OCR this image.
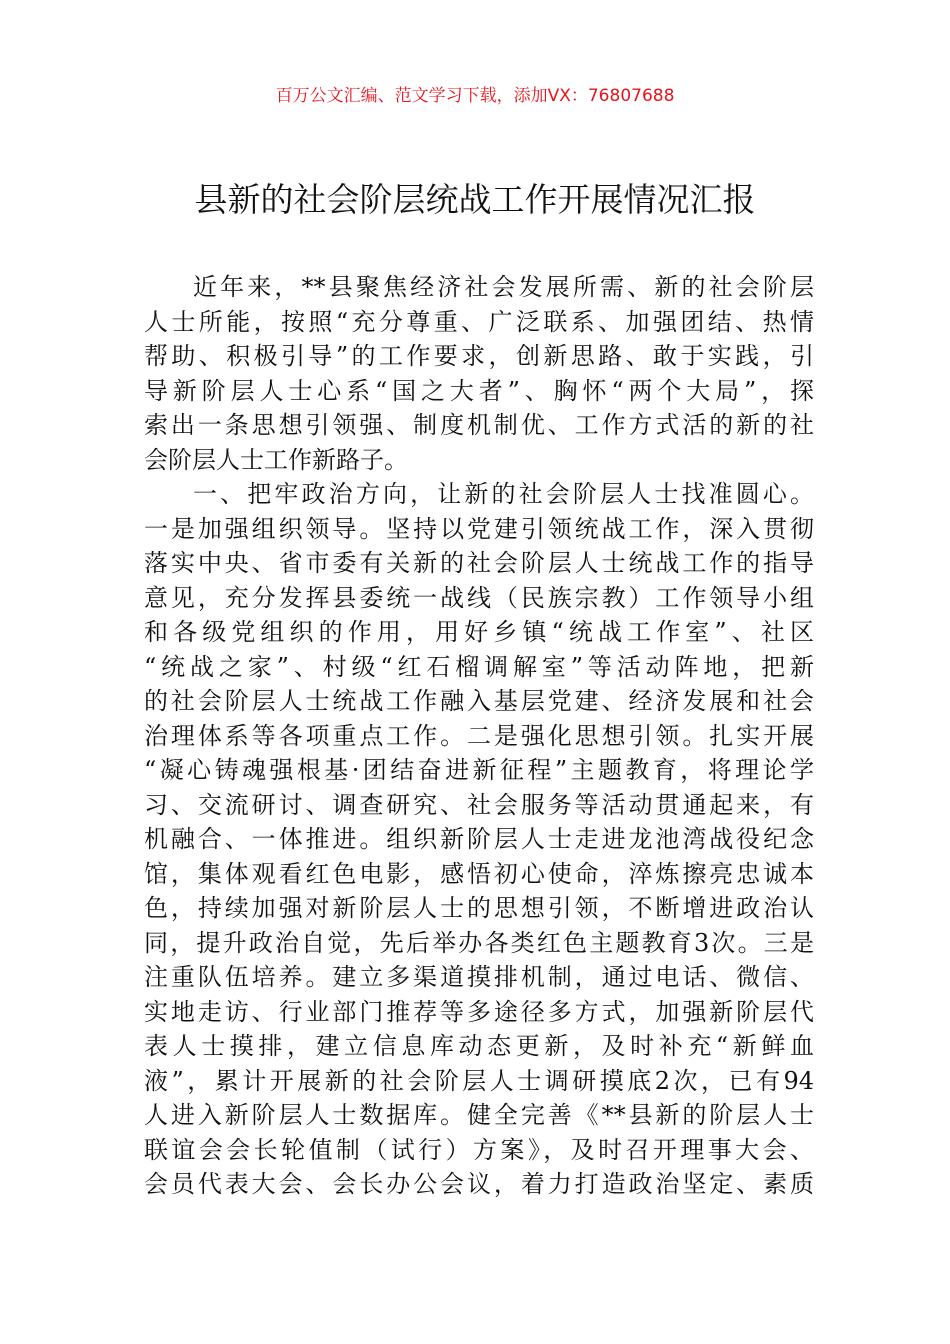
百万公文汇编、范文学习下载，添加VX：76807688
县新的社会阶层统战工作开展情况汇报
近年来，**县聚焦经济社会发展所需、新的社会阶层
人士所能，按照“充分尊重、广泛联系、加强团结、热情
帮助、积极引导”的工作要求，创新思路、敢于实践，引
导新阶层人士心系“国之大者”、胸怀“两个大局”，探
索出一条思想引领强、制度机制优、工作方式活的新的社
会阶层人士工作新路子。
一、把牢政治方向，让新的社会阶层人士找准圆心。
一是加强组织领导。坚持以党建引领统战工作，深入贯彻
落实中央、省市委有关新的社会阶层人士统战工作的指导
意见，充分发挥县委统一战线（民族宗教）工作领导小组
和各级党组织的作用，用好乡镇“统战工作室”、社区
“统战之家”、村级“红石榴调解室”等活动阵地，把新
的社会阶层人士统战工作融入基层党建、经济发展和社会
治理体系等各项重点工作。二是强化思想引领。扎实开展
“凝心铸魂强根基·团结奋进新征程”主题教育，将理论学
习、交流研讨、调查研究、社会服务等活动贯通起来，有
机融合、一体推进。组织新阶层人士走进龙池湾战役纪念
馆，集体观看红色电影，感悟初心使命，淬炼擦亮忠诚本
色，持续加强对新阶层人士的思想引领，不断增进政治认
同，提升政治自觉，先后举办各类红色主题教育3次。三是
注重队伍培养。建立多渠道摸排机制，通过电话、微信、
实地走访、行业部门推荐等多途径多方式，加强新阶层代
表人士摸排，建立信息库动态更新，及时补充“新鲜血
液”，累计开展新的社会阶层人士调研摸底2次，已有94
人进入新阶层人士数据库。健全完善《**县新的阶层人士
联谊会会长轮值制（试行）方案》，及时召开理事大会、
会员代表大会、会长办公会议，着力打造政治坚定、素质
